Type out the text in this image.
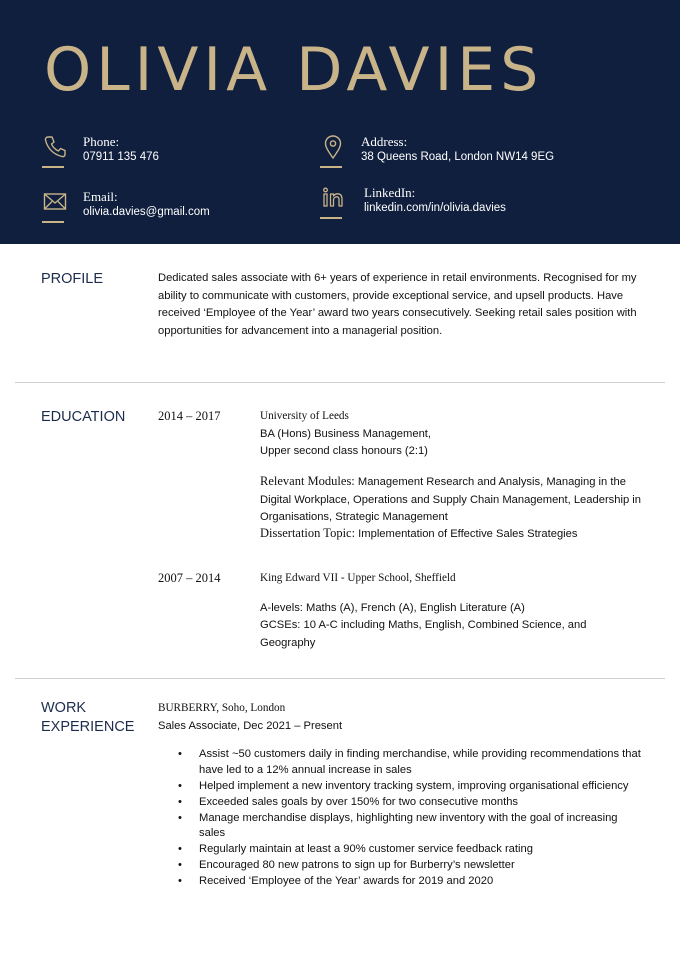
OLIVIA DAVIES
Phone:
07911 135 476
Address:
38 Queens Road, London NW14 9EG
Email:
olivia.davies@gmail.com
LinkedIn:
linkedin.com/in/olivia.davies
PROFILE	Dedicated sales associate with 6+ years of experience in retail environments. Recognised for my ability to communicate with customers, provide exceptional service, and upsell products. Have received ‘Employee of the Year’ award two years consecutively. Seeking retail sales position with opportunities for advancement into a managerial position.

EDUCATION	2014 – 2017	University of Leeds
BA (Hons) Business Management,
Upper second class honours (2:1)

Relevant Modules: Management Research and Analysis, Managing in the Digital Workplace, Operations and Supply Chain Management, Leadership in Organisations, Strategic Management

Dissertation Topic: Implementation of Effective Sales Strategies

2007 – 2014	King Edward VII - Upper School, Sheffield
A-levels: Maths (A), French (A), English Literature (A)

GCSEs: 10 A-C including Maths, English, Combined Science, and Geography

WORK
EXPERIENCE
BURBERRY, Soho, London
Sales Associate, Dec 2021 – Present
• Assist ~50 customers daily in finding merchandise, while providing recommendations that have led to a 12% annual increase in sales
• Helped implement a new inventory tracking system, improving organisational efficiency
• Exceeded sales goals by over 150% for two consecutive months
• Manage merchandise displays, highlighting new inventory with the goal of increasing sales
• Regularly maintain at least a 90% customer service feedback rating
• Encouraged 80 new patrons to sign up for Burberry’s newsletter
• Received ‘Employee of the Year’ awards for 2019 and 2020
